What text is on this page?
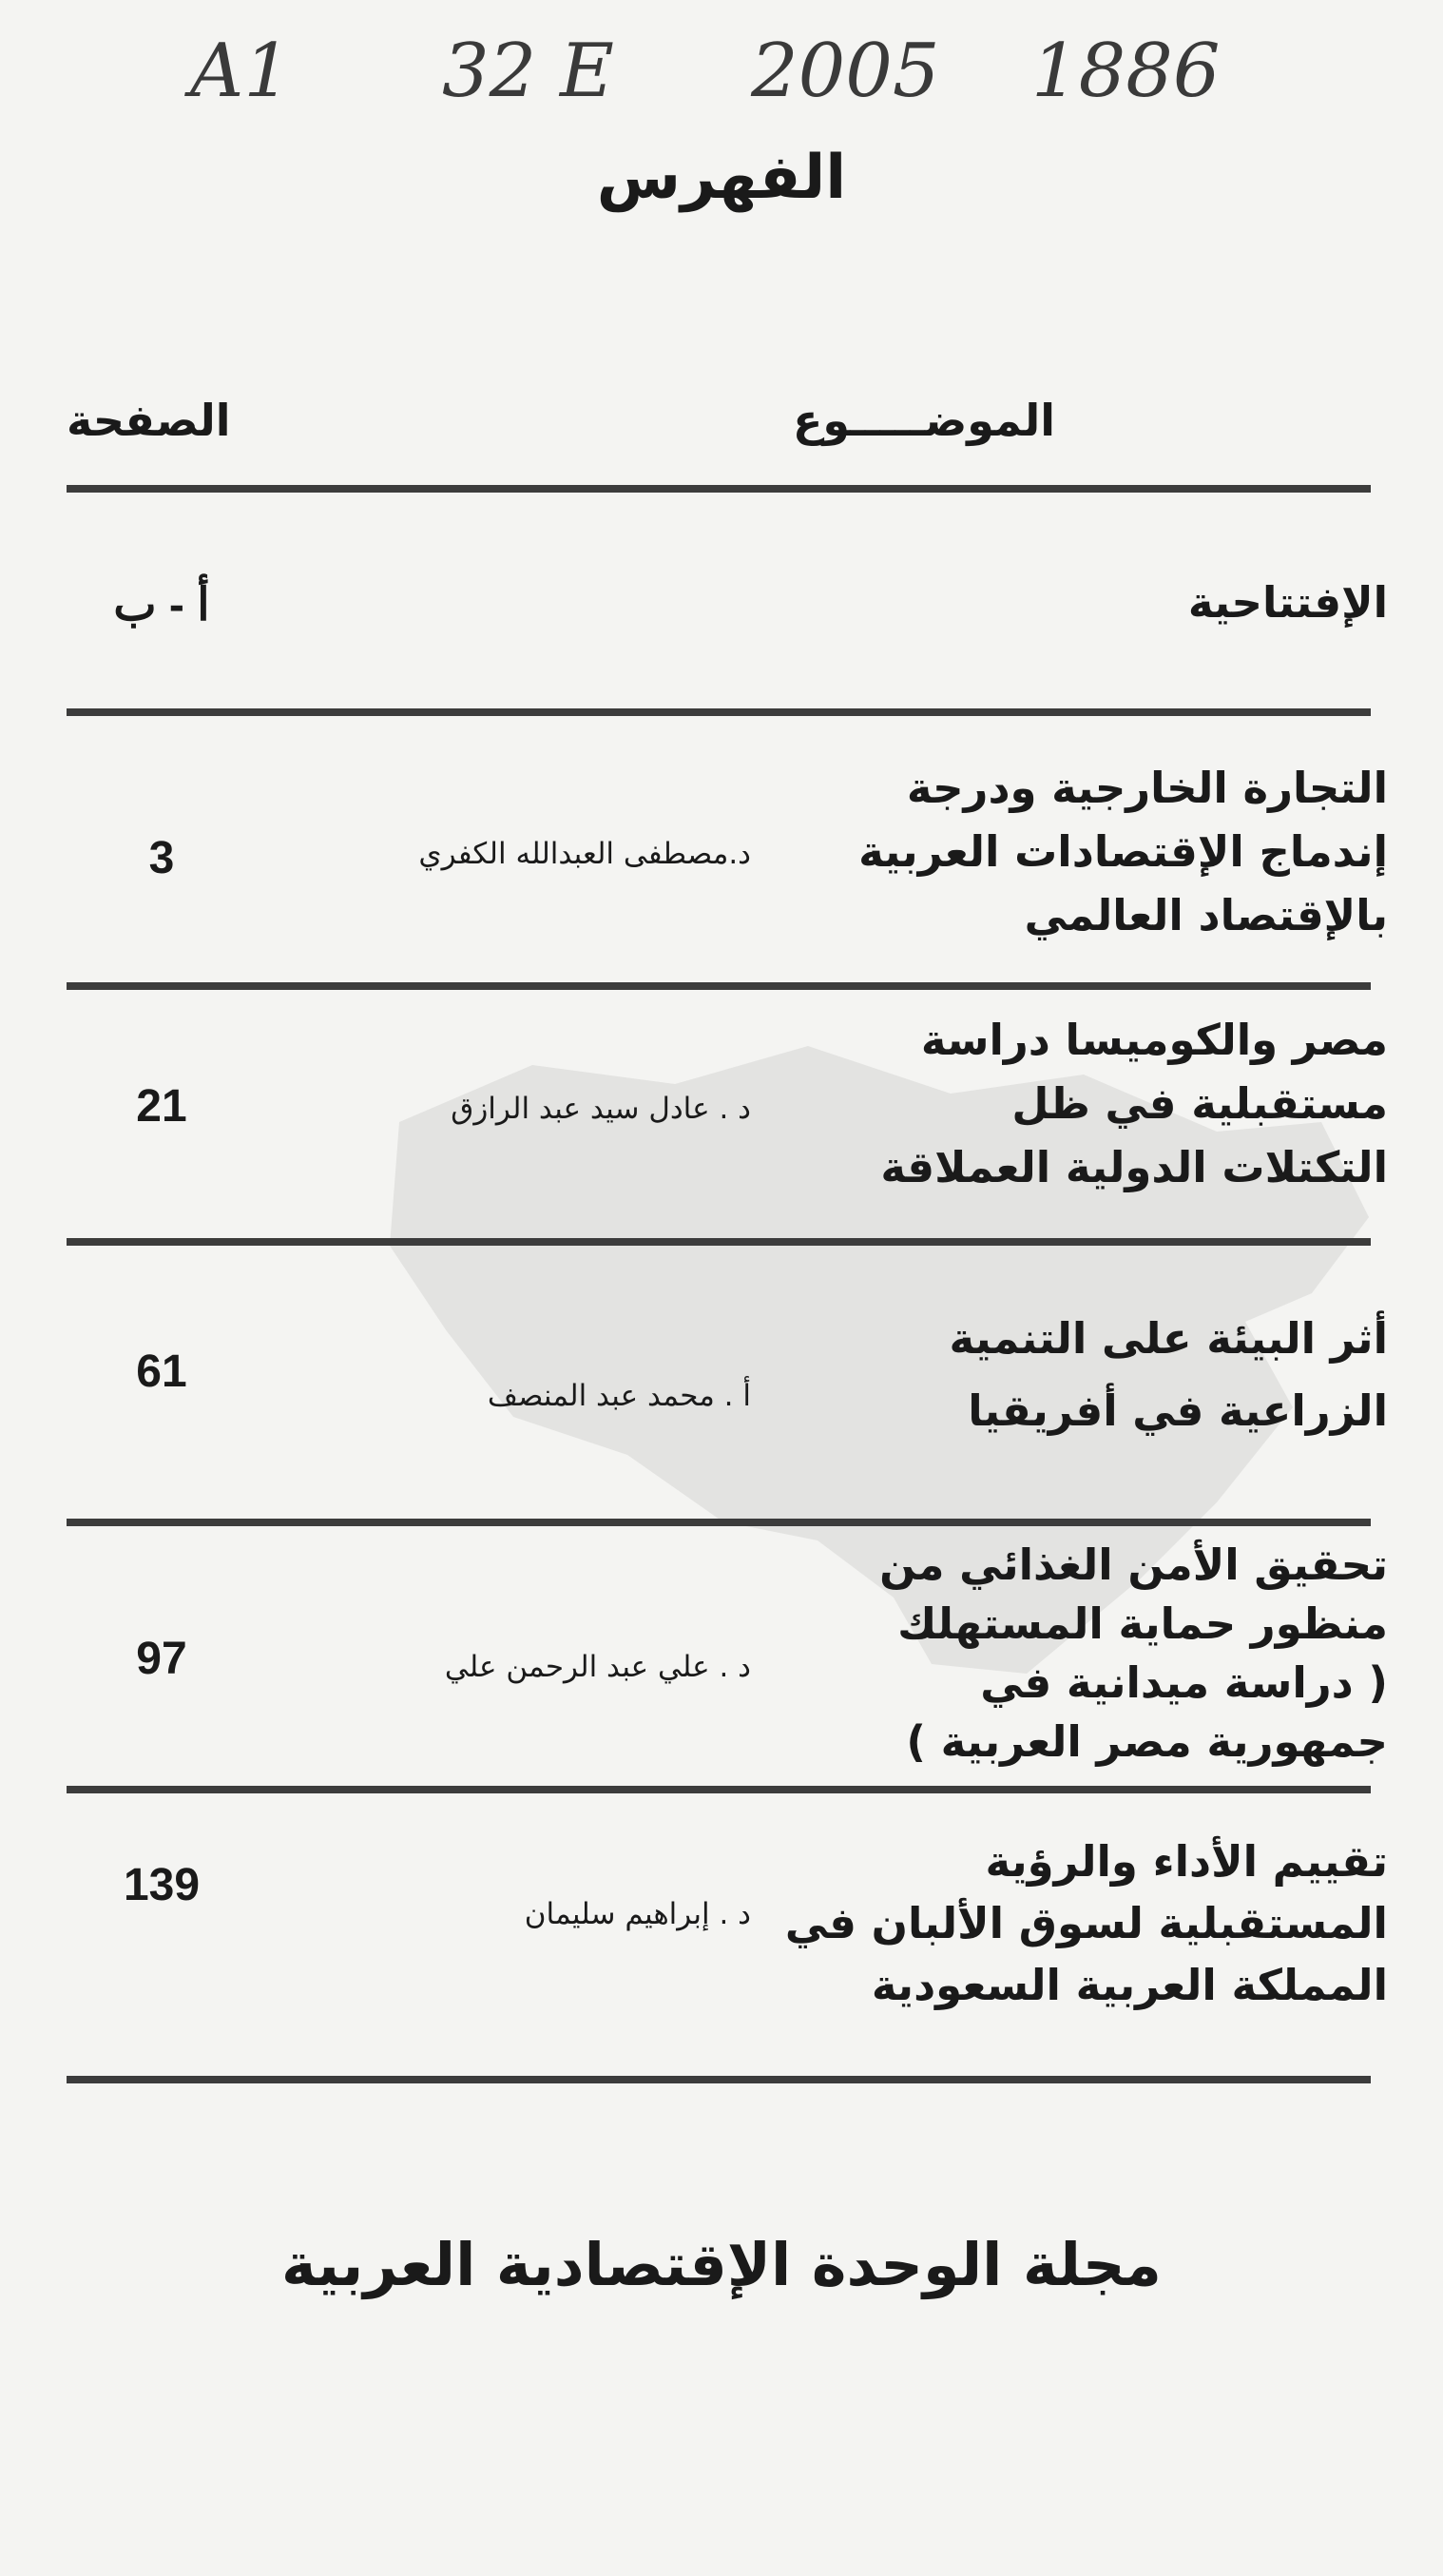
A1 32 E 2005 1886
الفهرس
الموضـــــوع
الصفحة
الإفتتاحية
أ - ب
التجارة الخارجية ودرجة
إندماج الإقتصادات العربية
بالإقتصاد العالمي
د.مصطفى العبدالله الكفري
3
مصر والكوميسا دراسة
مستقبلية في ظل
التكتلات الدولية العملاقة
د . عادل سيد عبد الرازق
21
أثر البيئة على التنمية
الزراعية في أفريقيا
أ . محمد عبد المنصف
61
تحقيق الأمن الغذائي من
منظور حماية المستهلك
( دراسة ميدانية في
جمهورية مصر العربية )
د . علي عبد الرحمن علي
97
تقييم الأداء والرؤية
المستقبلية لسوق الألبان في
المملكة العربية السعودية
د . إبراهيم سليمان
139
مجلة الوحدة الإقتصادية العربية
